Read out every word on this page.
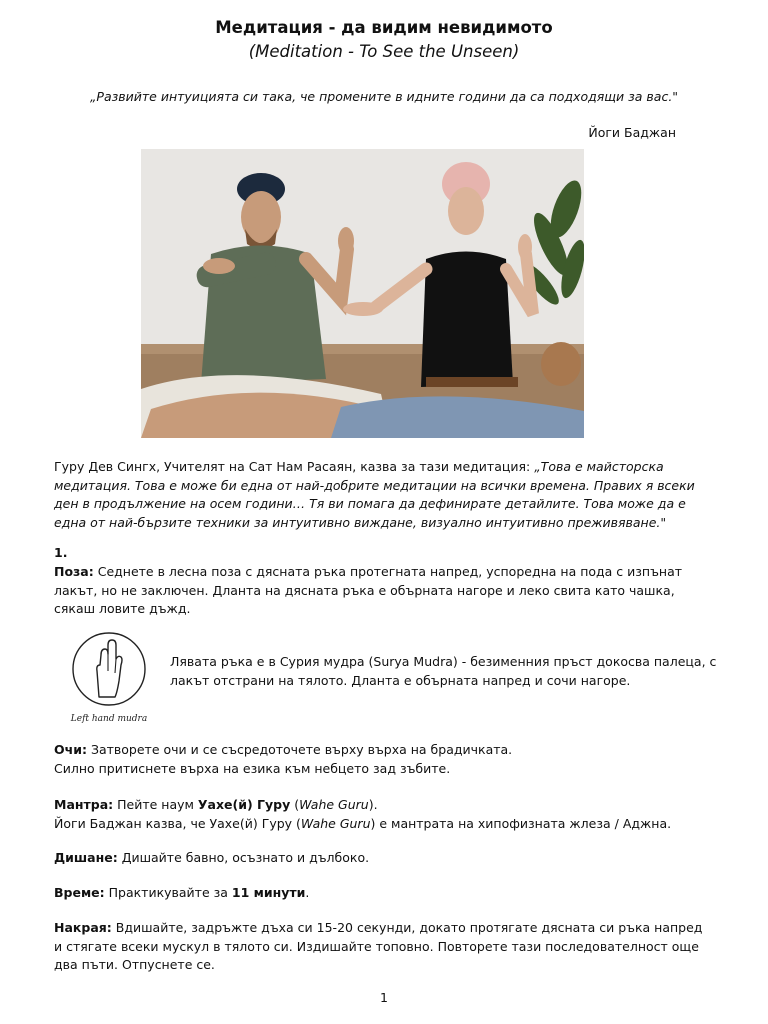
Медитация - да видим невидимото
(Meditation - To See the Unseen)
„Развийте интуицията си така, че промените в идните години да са подходящи за вас."
Йоги Баджан
Гуру Дев Сингх, Учителят на Сат Нам Расаян, казва за тази медитация: „Това е майсторска медитация. Това е може би една от най-добрите медитации на всички времена. Правих я всеки ден в продължение на осем години… Тя ви помага да дефинирате детайлите. Това може да е една от най-бързите техники за интуитивно виждане, визуално интуитивно преживяване."
1.
Поза: Седнете в лесна поза с дясната ръка протегната напред, успоредна на пода с изпънат лакът, но не заключен. Дланта на дясната ръка е обърната нагоре и леко свита като чашка, сякаш ловите дъжд.
Left hand mudra
Лявата ръка е в Сурия мудра (Surya Mudra) - безименния пръст докосва палеца, с лакът отстрани на тялото. Дланта е обърната напред и сочи нагоре.
Очи: Затворете очи и се съсредоточете върху върха на брадичката.
Силно притиснете върха на езика към небцето зад зъбите.
Мантра: Пейте наум Уахе(й) Гуру (Wahe Guru).
Йоги Баджан казва, че Уахе(й) Гуру (Wahe Guru) е мантрата на хипофизната жлеза / Аджна.
Дишане: Дишайте бавно, осъзнато и дълбоко.
Време: Практикувайте за 11 минути.
Накрая: Вдишайте, задръжте дъха си 15-20 секунди, докато протягате дясната си ръка напред и стягате всеки мускул в тялото си. Издишайте топовно. Повторете тази последователност още два пъти. Отпуснете се.
1
